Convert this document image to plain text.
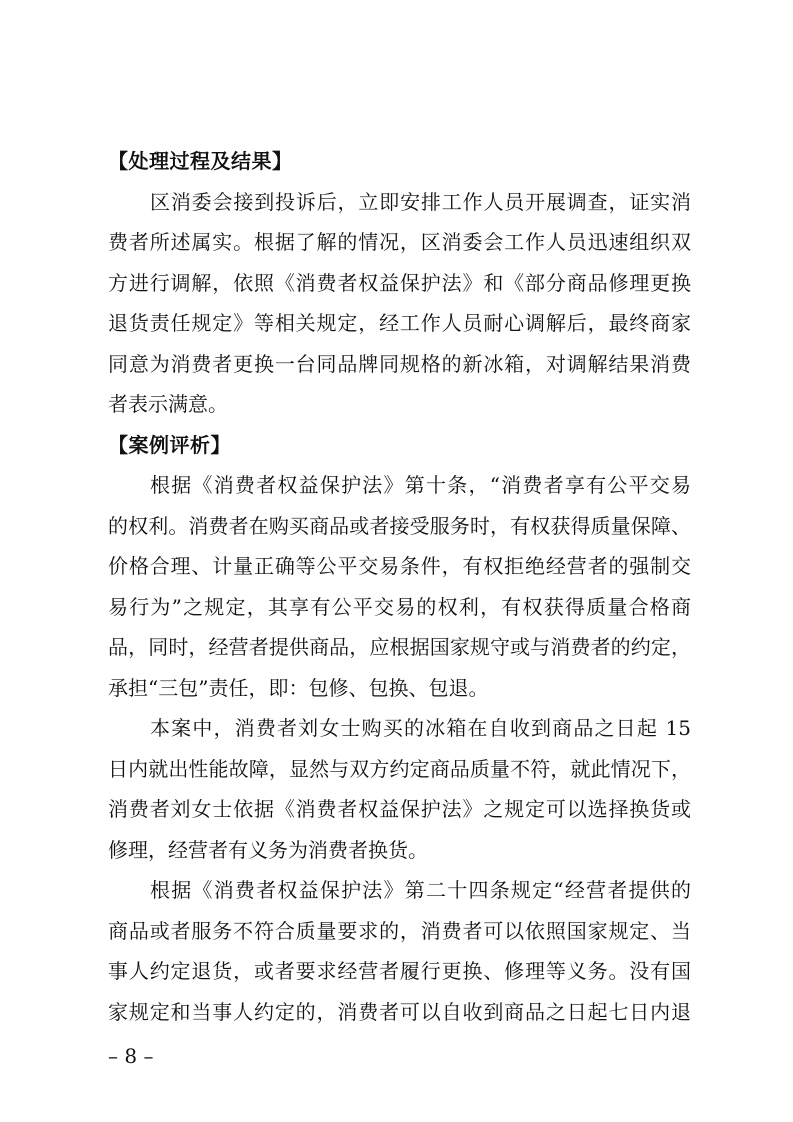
【处理过程及结果】
区消委会接到投诉后，立即安排工作人员开展调查，证实消
费者所述属实。根据了解的情况，区消委会工作人员迅速组织双
方进行调解，依照《消费者权益保护法》和《部分商品修理更换
退货责任规定》等相关规定，经工作人员耐心调解后，最终商家
同意为消费者更换一台同品牌同规格的新冰箱，对调解结果消费
者表示满意。
【案例评析】
根据《消费者权益保护法》第十条，“消费者享有公平交易
的权利。消费者在购买商品或者接受服务时，有权获得质量保障、
价格合理、计量正确等公平交易条件，有权拒绝经营者的强制交
易行为”之规定，其享有公平交易的权利，有权获得质量合格商
品，同时，经营者提供商品，应根据国家规守或与消费者的约定，
承担“三包”责任，即：包修、包换、包退。
本案中，消费者刘女士购买的冰箱在自收到商品之日起 15
日内就出性能故障，显然与双方约定商品质量不符，就此情况下，
消费者刘女士依据《消费者权益保护法》之规定可以选择换货或
修理，经营者有义务为消费者换货。
根据《消费者权益保护法》第二十四条规定“经营者提供的
商品或者服务不符合质量要求的，消费者可以依照国家规定、当
事人约定退货，或者要求经营者履行更换、修理等义务。没有国
家规定和当事人约定的，消费者可以自收到商品之日起七日内退
– 8 –
